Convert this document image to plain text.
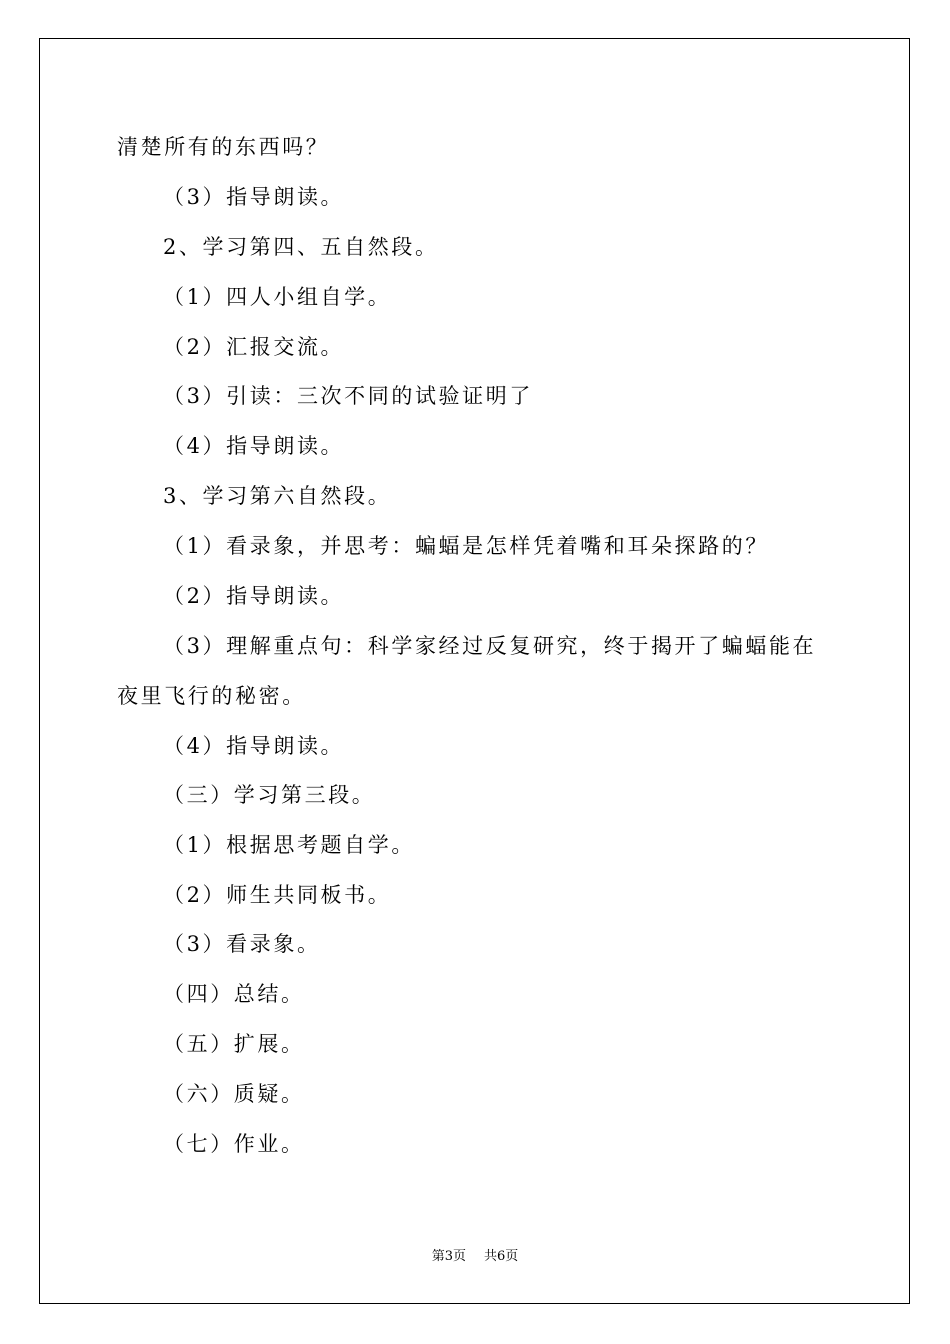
清楚所有的东西吗？
（3）指导朗读。
2、学习第四、五自然段。
（1）四人小组自学。
（2）汇报交流。
（3）引读：三次不同的试验证明了
（4）指导朗读。
3、学习第六自然段。
（1）看录象，并思考：蝙蝠是怎样凭着嘴和耳朵探路的？
（2）指导朗读。
（3）理解重点句：科学家经过反复研究，终于揭开了蝙蝠能在
夜里飞行的秘密。
（4）指导朗读。
（三）学习第三段。
（1）根据思考题自学。
（2）师生共同板书。
（3）看录象。
（四）总结。
（五）扩展。
（六）质疑。
（七）作业。
第3页 共6页
